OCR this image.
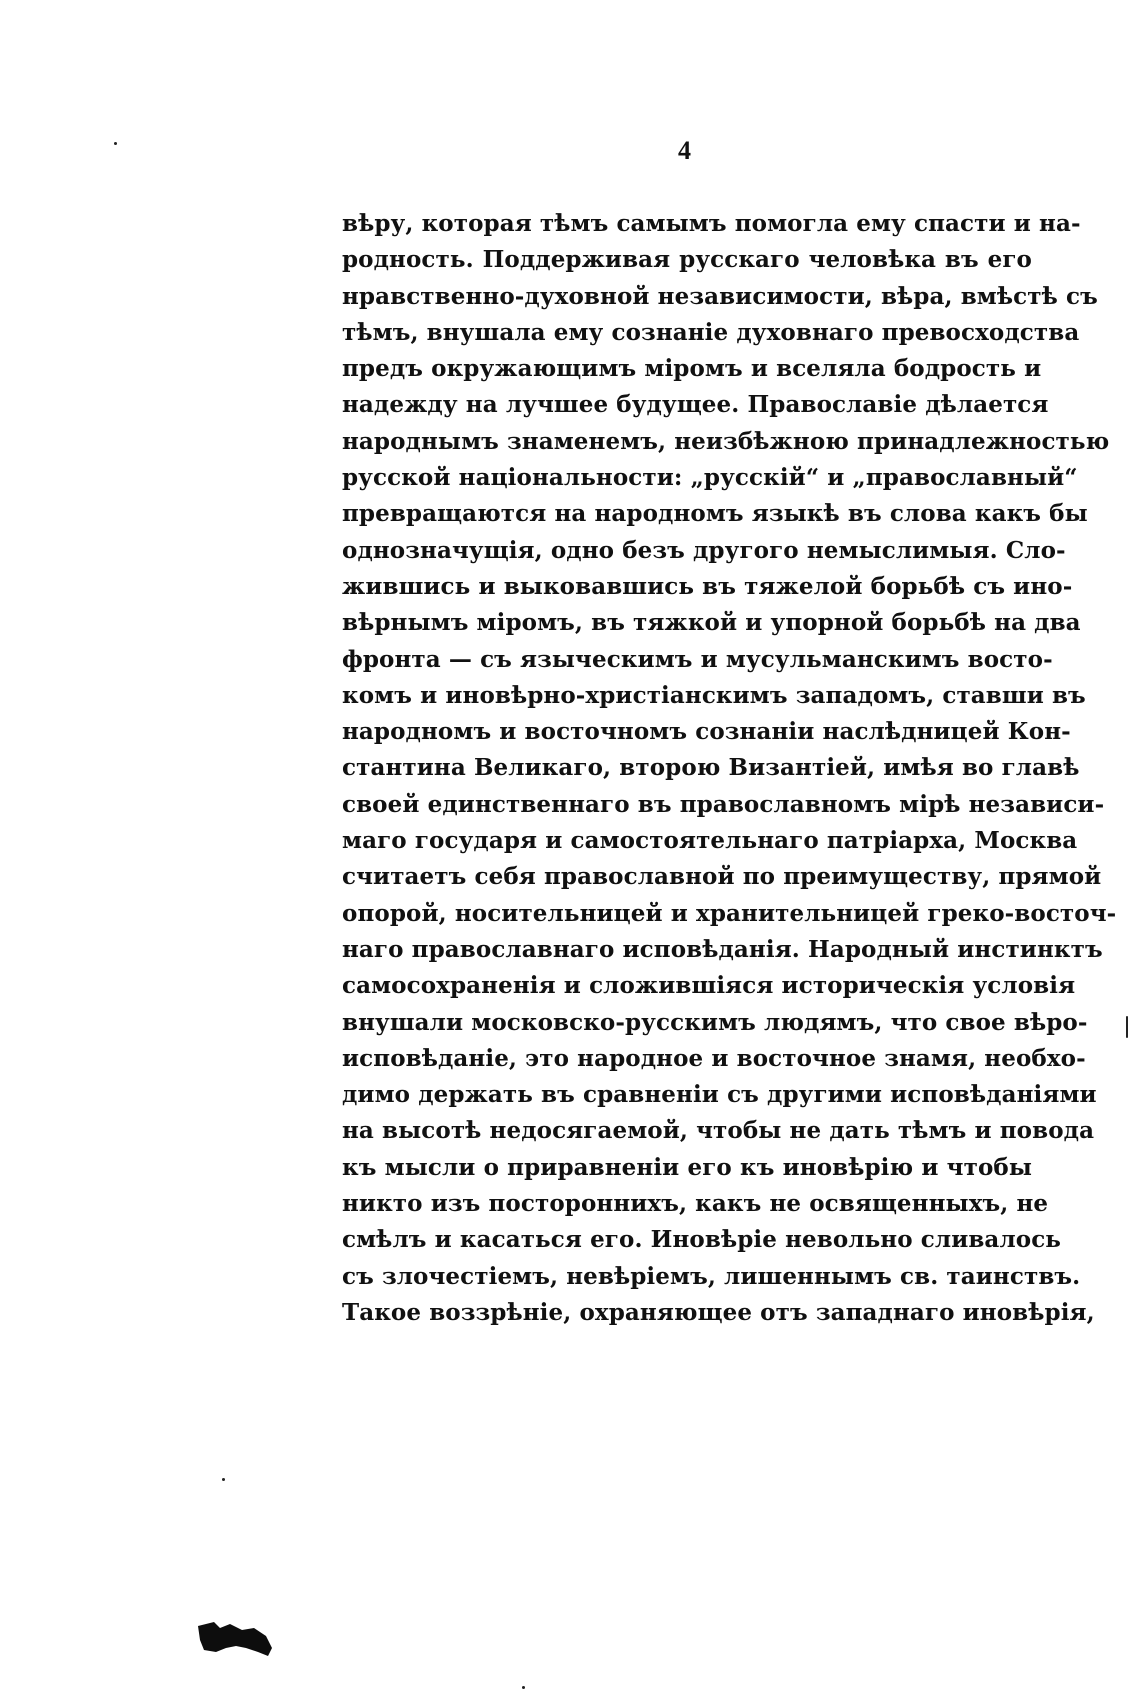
4
вѣру, которая тѣмъ самымъ помогла ему спасти и на-
родность. Поддерживая русскаго человѣка въ его
нравственно-духовной независимости, вѣра, вмѣстѣ съ
тѣмъ, внушала ему сознаніе духовнаго превосходства
предъ окружающимъ міромъ и вселяла бодрость и
надежду на лучшее будущее. Православіе дѣлается
народнымъ знаменемъ, неизбѣжною принадлежностью
русской національности: „русскій“ и „православный“
превращаются на народномъ языкѣ въ слова какъ бы
однозначущія, одно безъ другого немыслимыя. Сло-
жившись и выковавшись въ тяжелой борьбѣ съ ино-
вѣрнымъ міромъ, въ тяжкой и упорной борьбѣ на два
фронта — съ языческимъ и мусульманскимъ восто-
комъ и иновѣрно-христіанскимъ западомъ, ставши въ
народномъ и восточномъ сознаніи наслѣдницей Кон-
стантина Великаго, второю Византіей, имѣя во главѣ
своей единственнаго въ православномъ мірѣ независи-
маго государя и самостоятельнаго патріарха, Москва
считаетъ себя православной по преимуществу, прямой
опорой, носительницей и хранительницей греко-восточ-
наго православнаго исповѣданія. Народный инстинктъ
самосохраненія и сложившіяся историческія условія
внушали московско-русскимъ людямъ, что свое вѣро-
исповѣданіе, это народное и восточное знамя, необхо-
димо держать въ сравненіи съ другими исповѣданіями
на высотѣ недосягаемой, чтобы не дать тѣмъ и повода
къ мысли о приравненіи его къ иновѣрію и чтобы
никто изъ посторонниxъ, какъ не освященныхъ, не
смѣлъ и касаться его. Иновѣріе невольно сливалось
съ злочестіемъ, невѣріемъ, лишеннымъ св. таинствъ.
Такое воззрѣніе, охраняющее отъ западнаго иновѣрія,
